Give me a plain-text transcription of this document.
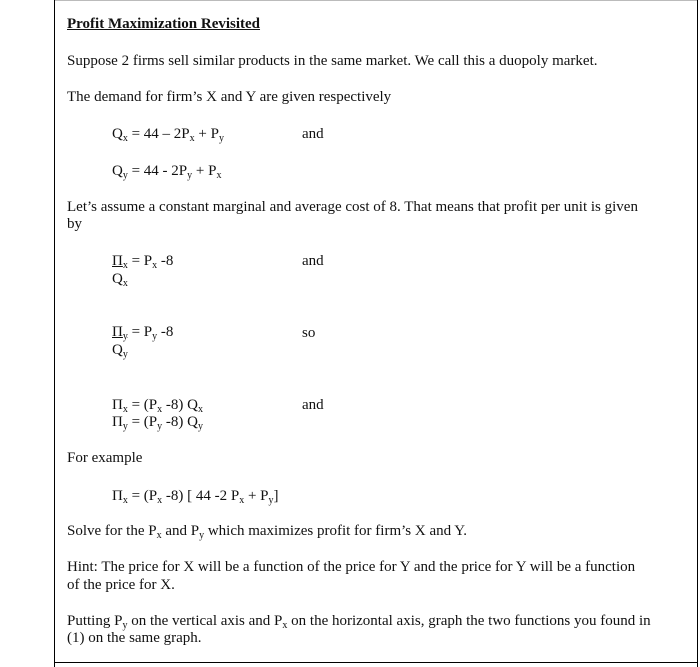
Profit Maximization Revisited
Suppose 2 firms sell similar products in the same market. We call this a duopoly market.
The demand for firm’s X and Y are given respectively
$Q_x = 44 - 2P_x + P_y$	and
$Q_y = 44 - 2P_y + P_x$
Let’s assume a constant marginal and average cost of 8. That means that profit per unit is given
by
$\Pi_x = P_x$ -8
$Q_x$
and
$\Pi_y = P_y$ -8
$Q_y$
so
$\Pi_x = (P_x$ -8) $Q_x$
$\Pi_y = (P_y$ -8) $Q_y$
and
For example
$\Pi_x = (P_x$ -8) [ 44 -2 $P_x + P_y$]
Solve for the $P_x$ and $P_y$ which maximizes profit for firm’s X and Y.
Hint: The price for X will be a function of the price for Y and the price for Y will be a function
of the price for X.
Putting $P_y$ on the vertical axis and $P_x$ on the horizontal axis, graph the two functions you found in
(1) on the same graph.
